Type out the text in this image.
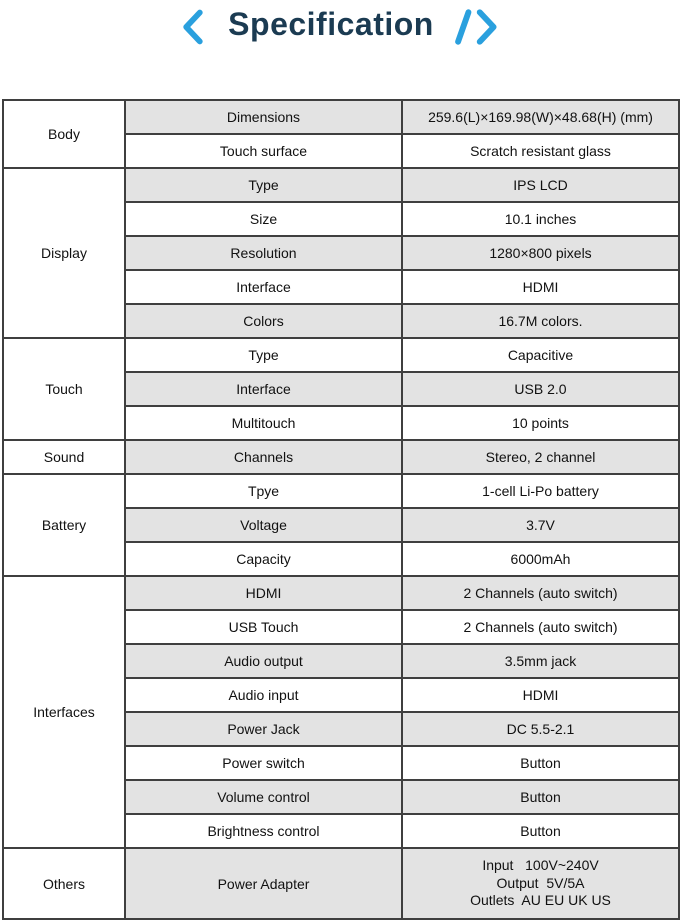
Specification
Body	Dimensions	259.6(L)×169.98(W)×48.68(H) (mm)
	Touch surface	Scratch resistant glass
Display	Type	IPS LCD
	Size	10.1 inches
	Resolution	1280×800 pixels
	Interface	HDMI
	Colors	16.7M colors.
Touch	Type	Capacitive
	Interface	USB 2.0
	Multitouch	10 points
Sound	Channels	Stereo, 2 channel
Battery	Tpye	1-cell Li-Po battery
	Voltage	3.7V
	Capacity	6000mAh
Interfaces	HDMI	2 Channels (auto switch)
	USB Touch	2 Channels (auto switch)
	Audio output	3.5mm jack
	Audio input	HDMI
	Power Jack	DC 5.5-2.1
	Power switch	Button
	Volume control	Button
	Brightness control	Button
Others	Power Adapter	Input   100V~240V
Output  5V/5A
Outlets  AU EU UK US
